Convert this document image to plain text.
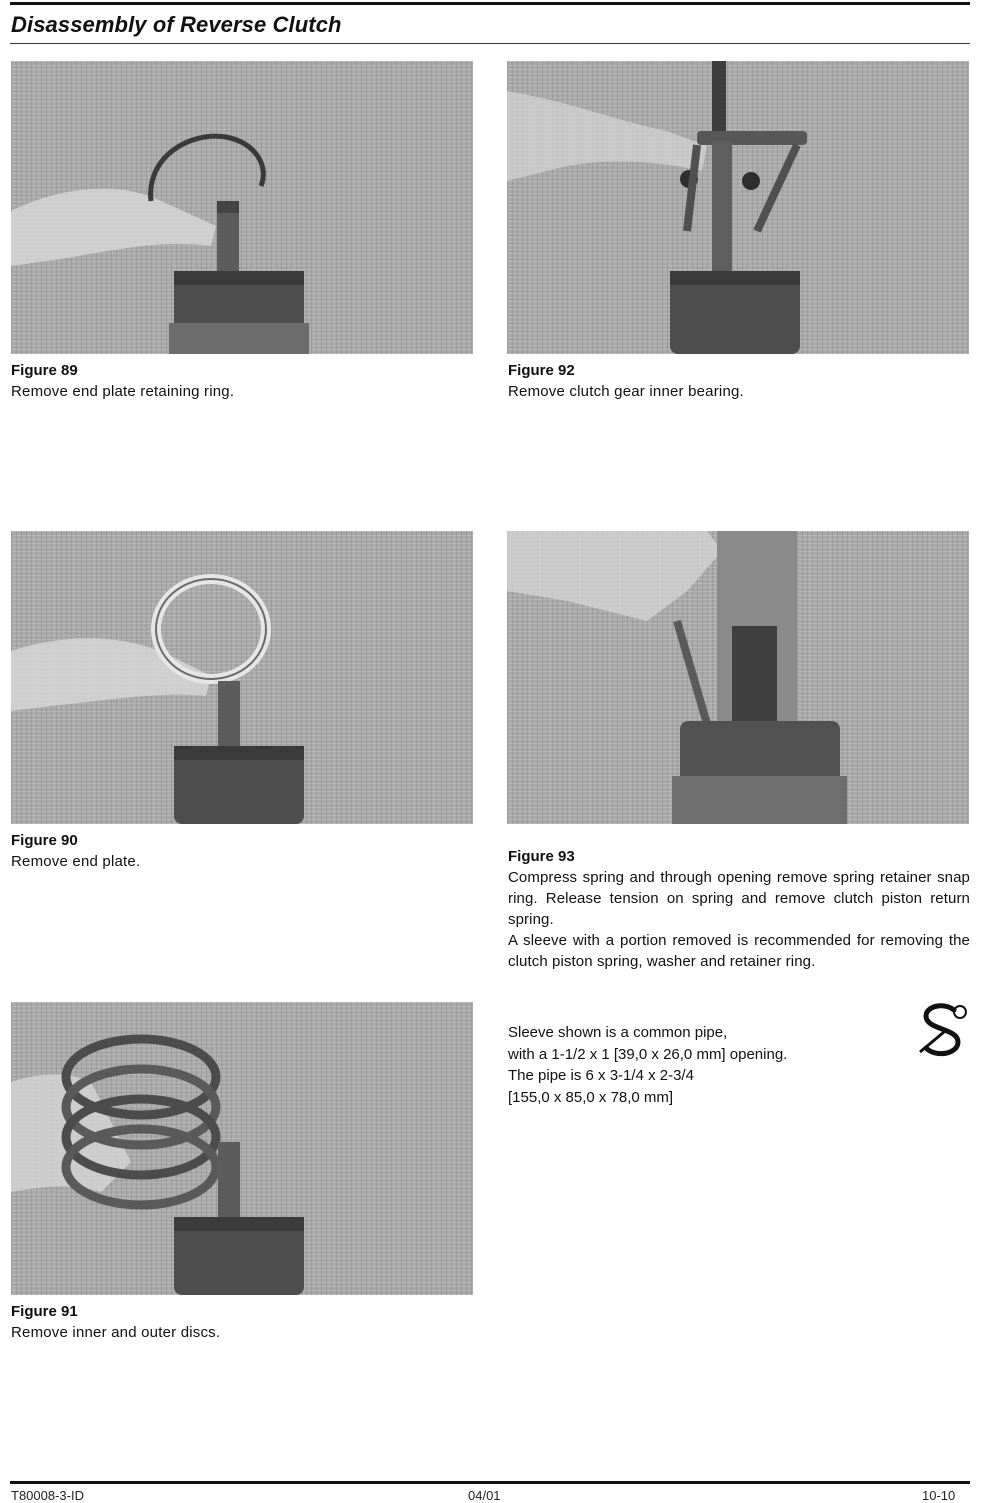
Disassembly of Reverse Clutch
Figure 89
Remove end plate retaining ring.
Figure 92
Remove clutch gear inner bearing.
Figure 90
Remove end plate.	Figure 93

Compress spring and through opening remove spring retainer snap ring. Release tension on spring and remove clutch piston return spring.

A sleeve with a portion removed is recommended for removing the clutch piston spring, washer and retainer ring.

Sleeve shown is a common pipe,
with a 1-1/2 x 1 [39,0 x 26,0 mm] opening.
The pipe is 6 x 3-1/4 x 2-3/4
[155,0 x 85,0 x 78,0 mm]
Figure 91
Remove inner and outer discs.
T80008-3-ID	04/01	10-10
